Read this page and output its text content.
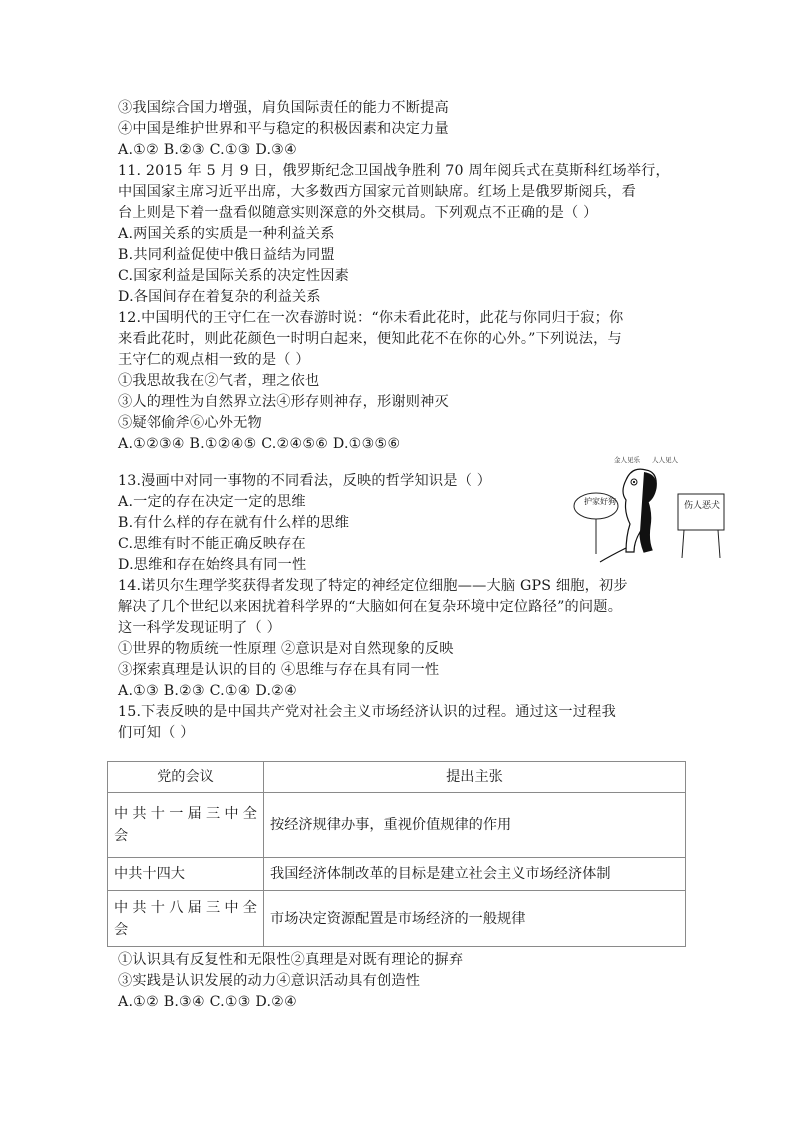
③我国综合国力增强，肩负国际责任的能力不断提高
④中国是维护世界和平与稳定的积极因素和决定力量
A.①② B.②③ C.①③ D.③④
11. 2015 年 5 月 9 日，俄罗斯纪念卫国战争胜利 70 周年阅兵式在莫斯科红场举行，
中国国家主席习近平出席，大多数西方国家元首则缺席。红场上是俄罗斯阅兵，看
台上则是下着一盘看似随意实则深意的外交棋局。下列观点不正确的是（ ）
A.两国关系的实质是一种利益关系
B.共同利益促使中俄日益结为同盟
C.国家利益是国际关系的决定性因素
D.各国间存在着复杂的利益关系
12.中国明代的王守仁在一次春游时说：“你未看此花时，此花与你同归于寂；你
来看此花时，则此花颜色一时明白起来，便知此花不在你的心外。”下列说法，与
王守仁的观点相一致的是（ ）
①我思故我在②气者，理之依也
③人的理性为自然界立法④形存则神存，形谢则神灭
⑤疑邻偷斧⑥心外无物
A.①②③④ B.①②④⑤ C.②④⑤⑥ D.①③⑤⑥
13.漫画中对同一事物的不同看法，反映的哲学知识是（ ）
A.一定的存在决定一定的思维
B.有什么样的存在就有什么样的思维
C.思维有时不能正确反映存在
D.思维和存在始终具有同一性
金人见乐 人人见人
护家好狗	伤人恶犬
14.诺贝尔生理学奖获得者发现了特定的神经定位细胞——大脑 GPS 细胞，初步
解决了几个世纪以来困扰着科学界的“大脑如何在复杂环境中定位路径”的问题。
这一科学发现证明了（ ）
①世界的物质统一性原理 ②意识是对自然现象的反映
③探索真理是认识的目的 ④思维与存在具有同一性
A.①③ B.②③ C.①④ D.②④
15.下表反映的是中国共产党对社会主义市场经济认识的过程。通过这一过程我
们可知（ ）
党的会议	提出主张

中共十一届三中全
会	按经济规律办事，重视价值规律的作用
中共十四大	我国经济体制改革的目标是建立社会主义市场经济体制

中共十八届三中全
会	市场决定资源配置是市场经济的一般规律
①认识具有反复性和无限性②真理是对既有理论的摒弃
③实践是认识发展的动力④意识活动具有创造性
A.①② B.③④ C.①③ D.②④
